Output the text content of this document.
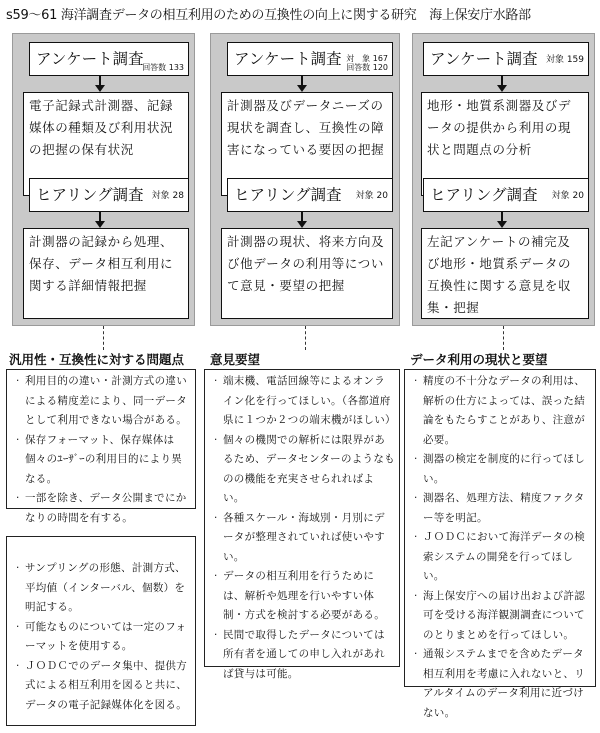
s59～61 海洋調査データの相互利用のための互換性の向上に関する研究　海上保安庁水路部
アンケート調査
回答数 133
電子記録式計測器、記録媒体の種類及び利用状況の把握の保有状況
ヒアリング調査 対象 28
計測器の記録から処理、保存、データ相互利用に関する詳細情報把握
アンケート調査 対　象 167
回答数 120
計測器及びデータニーズの現状を調査し、互換性の障害になっている要因の把握
ヒアリング調査 対象 20
計測器の現状、将来方向及び他データの利用等について意見・要望の把握
アンケート調査 対象 159
地形・地質系測器及びデータの提供から利用の現状と問題点の分析
ヒアリング調査 対象 20
左記アンケートの補完及び地形・地質系データの互換性に関する意見を収集・把握
汎用性・互換性に対する問題点
· 利用目的の違い・計測方式の違いによる精度差により、同一データとして利用できない場合がある。
· 保存フォーマット、保存媒体は個々のﾕｰｻﾞｰの利用目的により異なる。
· 一部を除き、データ公開までにかなりの時間を有する。
· サンプリングの形態、計測方式、平均値（インターバル、個数）を明記する。
· 可能なものについては一定のフォーマットを使用する。
· ＪＯＤＣでのデータ集中、提供方式による相互利用を図ると共に、データの電子記録媒体化を図る。
意見要望
· 端末機、電話回線等によるオンライン化を行ってほしい。（各都道府県に１つか２つの端末機がほしい）
· 個々の機関での解析には限界があるため、データセンターのようなものの機能を充実させられればよい。
· 各種スケール・海域別・月別にデータが整理されていれば使いやすい。
· データの相互利用を行うためには、解析や処理を行いやすい体制・方式を検討する必要がある。
· 民間で取得したデータについては所有者を通しての申し入れがあれば貸与は可能。
データ利用の現状と要望
· 精度の不十分なデータの利用は、解析の仕方によっては、誤った結論をもたらすことがあり、注意が必要。
· 測器の検定を制度的に行ってほしい。
· 測器名、処理方法、精度ファクター等を明記。
· ＪＯＤＣにおいて海洋データの検索システムの開発を行ってほしい。
· 海上保安庁への届け出および許認可を受ける海洋観測調査についてのとりまとめを行ってほしい。
· 通報システムまでを含めたデータ相互利用を考慮に入れないと、リアルタイムのデータ利用に近づけない。
